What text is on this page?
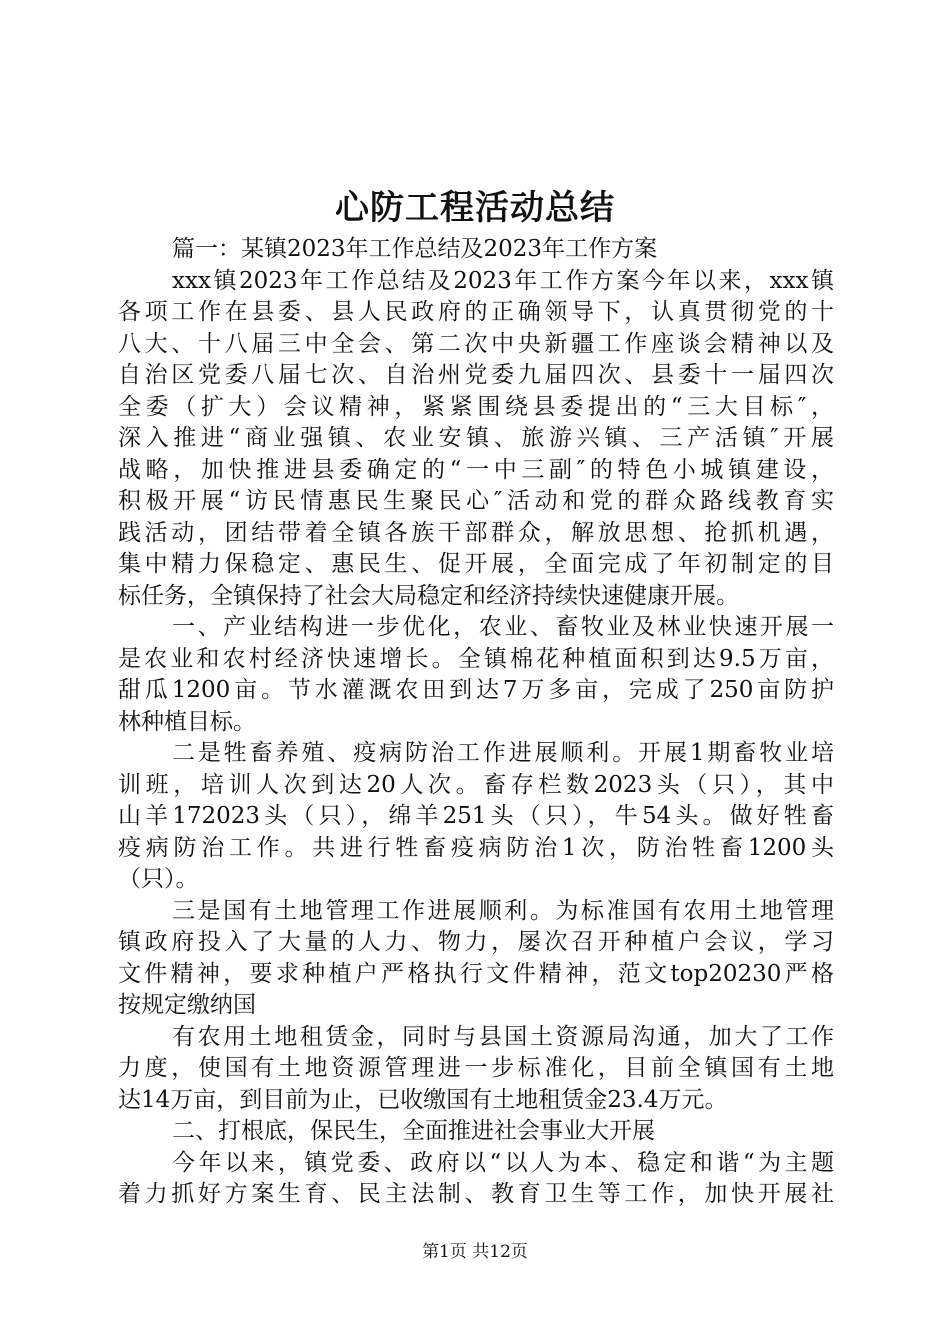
心防工程活动总结
篇一：某镇2023年工作总结及2023年工作方案
xxx镇2023年工作总结及2023年工作方案今年以来，xxx镇
各项工作在县委、县人民政府的正确领导下，认真贯彻党的十
八大、十八届三中全会、第二次中央新疆工作座谈会精神以及
自治区党委八届七次、自治州党委九届四次、县委十一届四次
全委（扩大）会议精神，紧紧围绕县委提出的“三大目标″，
深入推进“商业强镇、农业安镇、旅游兴镇、三产活镇″开展
战略，加快推进县委确定的“一中三副″的特色小城镇建设，
积极开展“访民情惠民生聚民心″活动和党的群众路线教育实
践活动，团结带着全镇各族干部群众，解放思想、抢抓机遇，
集中精力保稳定、惠民生、促开展，全面完成了年初制定的目
标任务，全镇保持了社会大局稳定和经济持续快速健康开展。
一、产业结构进一步优化，农业、畜牧业及林业快速开展一
是农业和农村经济快速增长。全镇棉花种植面积到达9.5万亩，
甜瓜1200亩。节水灌溉农田到达7万多亩，完成了250亩防护
林种植目标。
二是牲畜养殖、疫病防治工作进展顺利。开展1期畜牧业培
训班，培训人次到达20人次。畜存栏数2023头（只），其中
山羊172023头（只），绵羊251头（只），牛54头。做好牲畜
疫病防治工作。共进行牲畜疫病防治1次，防治牲畜1200头
（只）。
三是国有土地管理工作进展顺利。为标准国有农用土地管理
镇政府投入了大量的人力、物力，屡次召开种植户会议，学习
文件精神，要求种植户严格执行文件精神，范文top20230严格
按规定缴纳国
有农用土地租赁金，同时与县国土资源局沟通，加大了工作
力度，使国有土地资源管理进一步标准化，目前全镇国有土地
达14万亩，到目前为止，已收缴国有土地租赁金23.4万元。
二、打根底，保民生，全面推进社会事业大开展
今年以来，镇党委、政府以“以人为本、稳定和谐“为主题
着力抓好方案生育、民主法制、教育卫生等工作，加快开展社
第1页 共12页
